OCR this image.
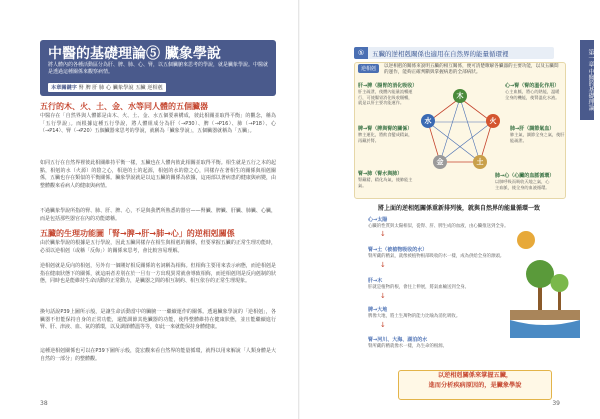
中醫的基礎理論⑤ 臟象學說
將人體內的各種活動區分為肝、脾、肺、心、腎，以五個臟腑來思考的學說，就是臟象學說。中醫就是透過這種關係來觀察病情。
本章關鍵字 腎 脾 肝 肺 心 臟象學說 五臟 逆相剋
五行的木、火、土、金、水等同人體的五個臟器
中醫存在「自然界與人體都是由木、火、土、金、水五個要素構成，彼此相關並取得平衡」的觀念，稱為「五行學說」。而根據這種五行學說，將人體組成分為肝（→P30）、脾（→P16）、肺（→P18）、心（→P14）、腎（→P20）五個臟器來思考的學說，就稱為「臟象學說」，五個臟器就稱為「五臟」。
如同五行在自然界裡彼此相關維持平衡一樣，五臟也在人體內彼此相關並取得平衡。相生就是五行之本的起點，相剋的水（火源）的陰之心，相逆的土的起源，相剋的水的陰之心，同樣存在著相生的關係與相剋關係，五臟也存在類似的平衡關係。臟象學說就是以這五臟的關係為依據，這兩部以著病患的健康與病變，由整體觀來看病人的健康與病情。
不過臟象學說所指的腎、肺、肝、脾、心，不是與我們所熟悉的器官——腎臟、脾臟、肝臟、肺臟、心臟，而是包括那些器官在內的功能總稱。
五臟的生理功能圖「腎→脾→肝→肺→心」的逆相剋關係
由於臟象學說的根據是五行學說，因此五臟同樣存在相生與相剋的關係，但要掌握五臟的正常生理功能時，必須以逆相剋（或稱「反侮」）的關係來思考，會比較容易理解。
逆相剋就是反向的相剋，另外有一個剛好相反關係的名詞稱為相侮。但相侮主要用來表示病態，而逆相剋是指在健康狀態下的關係，就這兩者差別在於一旦有一方出現異常就會導致相侮，而逆相剋則是反向剋制的狀態，同時也是能維持生命活動的正常動力，是臟器之間的相互制約、相互依存的正常生理現象。
換句話說P39上圖所示般，是讓生命活動當中的臟腑一一繼續運作的關係。透過臟象學說的「逆相剋」，各臟器不但能保持自身的正常功能，還能調節其他臟器的功能，使得整體維持在健康狀態，並且能繼續進行腎、肝、津液、血、氣的循環，以及調節體溫等等，如此一來就能保持身體健康。
這種逆相剋關係也可以在P39下圖所示般，從宏觀來看自然界的能量循環，就得以用來解說「人類身體是大自然的一部分」的整體觀。
38
第一章 中醫的基礎理論
⑤	五臟的逆相剋關係也適用在自然界的能量循環裡
逆相剋	以逆相剋的關係來說明五臟的相互關係，便可清楚瞭解各臟器的主要功能，以及五臟間的運作，能夠正確判斷與掌握病患的全部病狀。
木
火
土
金
水
肝→脾（腸胃的消化吸收）
肝主疏泄，使體內能量流暢運行，可使腸胃消化吸收順暢，就是以肝主要功能運作。
心→腎（腎的溫化作用）
心主血脈，將心的熱能，溫暖全身的機能，使腎溫化水液。
脾→腎（脾與腎的關係）
脾主運化，將飲食變成精氣，再藏於腎。
肺→肝（調節氣血）
肺主氣，調節全身之氣，使肝能疏泄。
腎→肺（腎水與肺）
腎藏精，精化為氣，使肺能主氣。
肺→心（心臟的血脈循環）
以肺呼吸而吸收天地之氣，心主血脈，使全身的血液循環。
將上面的逆相剋關係重新排列後，就與自然界的能量循環一致
心→太陽
心臟的性質與太陽相似，從腎、肝、脾生成的血液，由心臟推送到全身。
↓
腎→土（被植物吸收的水）
腎所藏的精氣，就像被植物根部吸收的水一樣，成為供給全身的源頭。
↓
肝→木
肝就是植物的根，會往上伸展，將氣血輸送到全身。
↓
脾→大地
脾像大地，將土生萬物的能力比喻為消化吸收。
↓
腎→河川、大海、湖泊的水
腎所藏的精就像水一樣，為生命的根源。
以逆相剋關係來掌握五臟，
進而分析疾病原因的，是臟象學說
39
